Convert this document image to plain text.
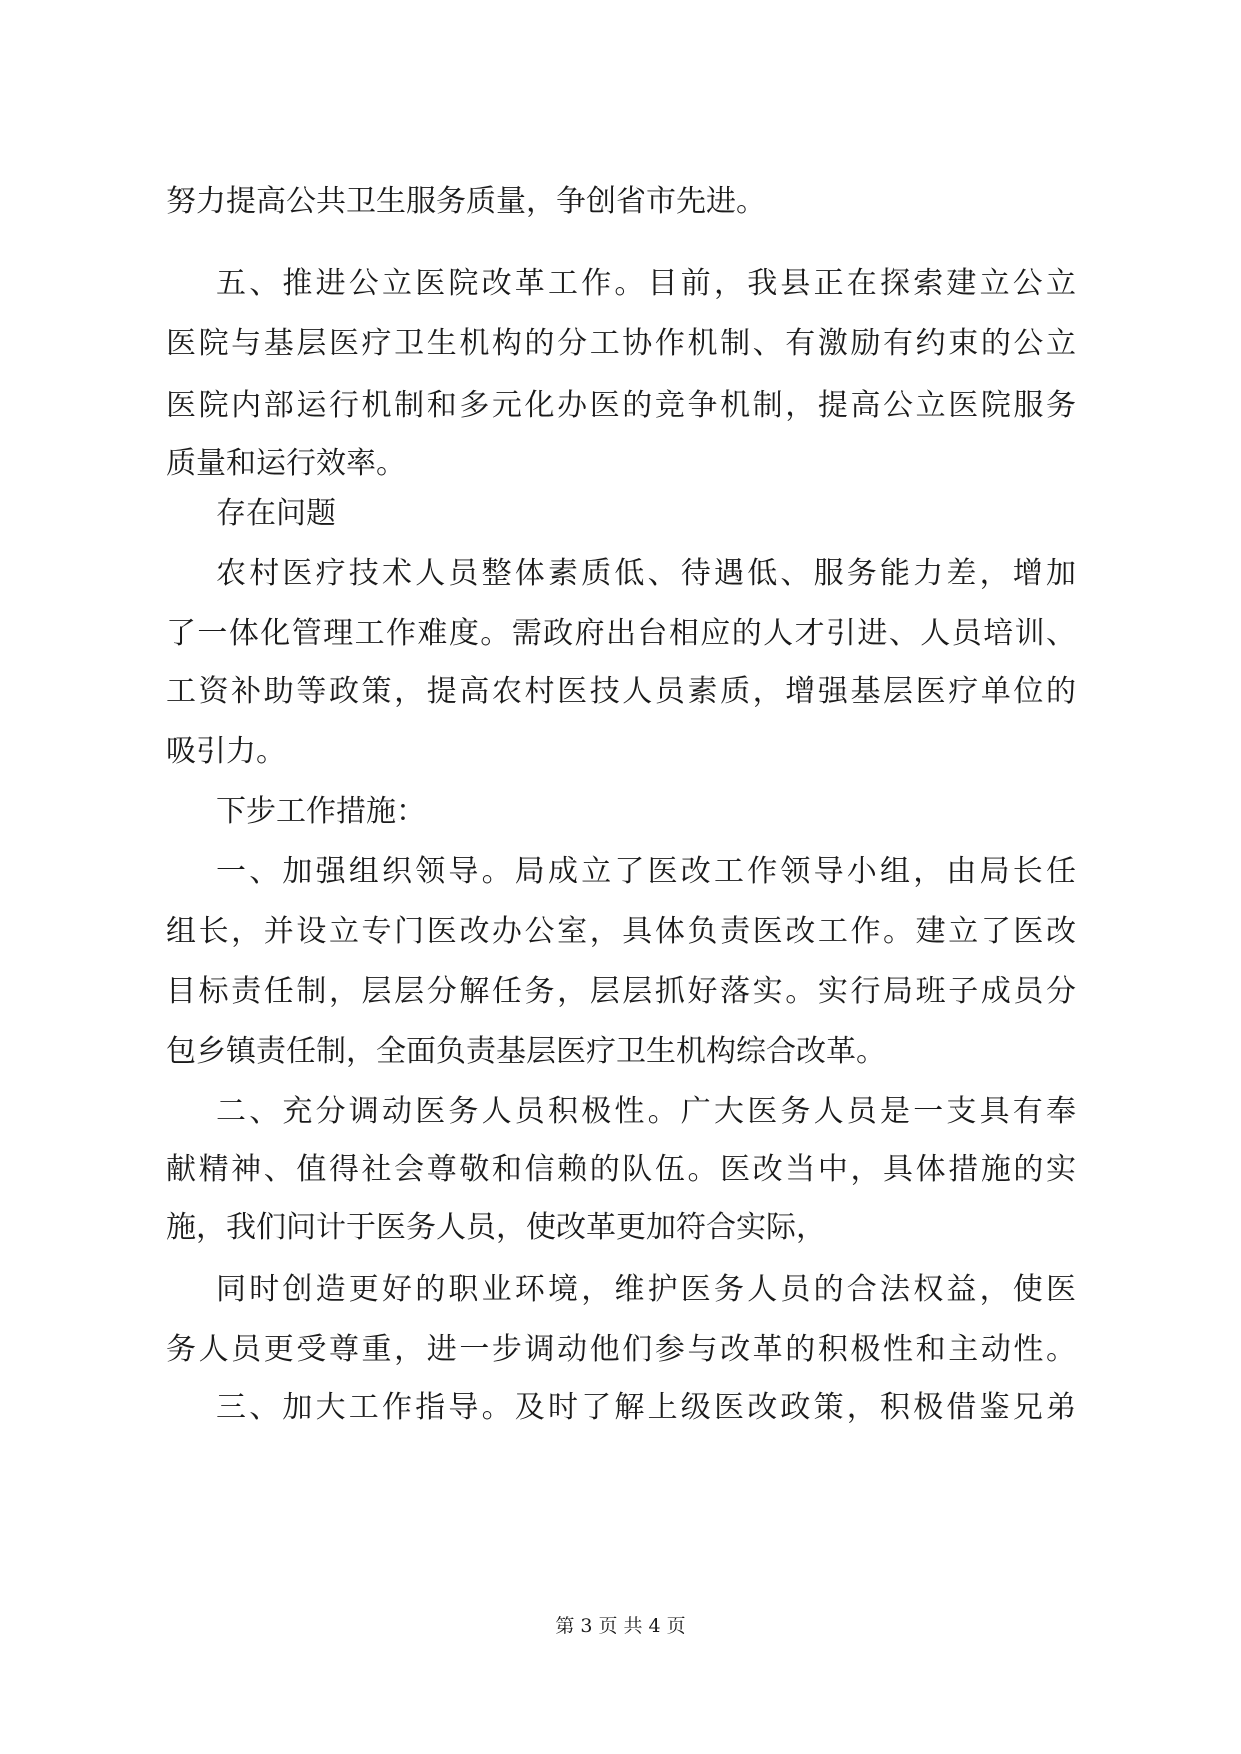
努力提高公共卫生服务质量，争创省市先进。
五、推进公立医院改革工作。目前，我县正在探索建立公立
医院与基层医疗卫生机构的分工协作机制、有激励有约束的公立
医院内部运行机制和多元化办医的竞争机制，提高公立医院服务
质量和运行效率。
存在问题
农村医疗技术人员整体素质低、待遇低、服务能力差，增加
了一体化管理工作难度。需政府出台相应的人才引进、人员培训、
工资补助等政策，提高农村医技人员素质，增强基层医疗单位的
吸引力。
下步工作措施：
一、加强组织领导。局成立了医改工作领导小组，由局长任
组长，并设立专门医改办公室，具体负责医改工作。建立了医改
目标责任制，层层分解任务，层层抓好落实。实行局班子成员分
包乡镇责任制，全面负责基层医疗卫生机构综合改革。
二、充分调动医务人员积极性。广大医务人员是一支具有奉
献精神、值得社会尊敬和信赖的队伍。医改当中，具体措施的实
施，我们问计于医务人员，使改革更加符合实际，
同时创造更好的职业环境，维护医务人员的合法权益，使医
务人员更受尊重，进一步调动他们参与改革的积极性和主动性。
三、加大工作指导。及时了解上级医改政策，积极借鉴兄弟
第 3 页 共 4 页
